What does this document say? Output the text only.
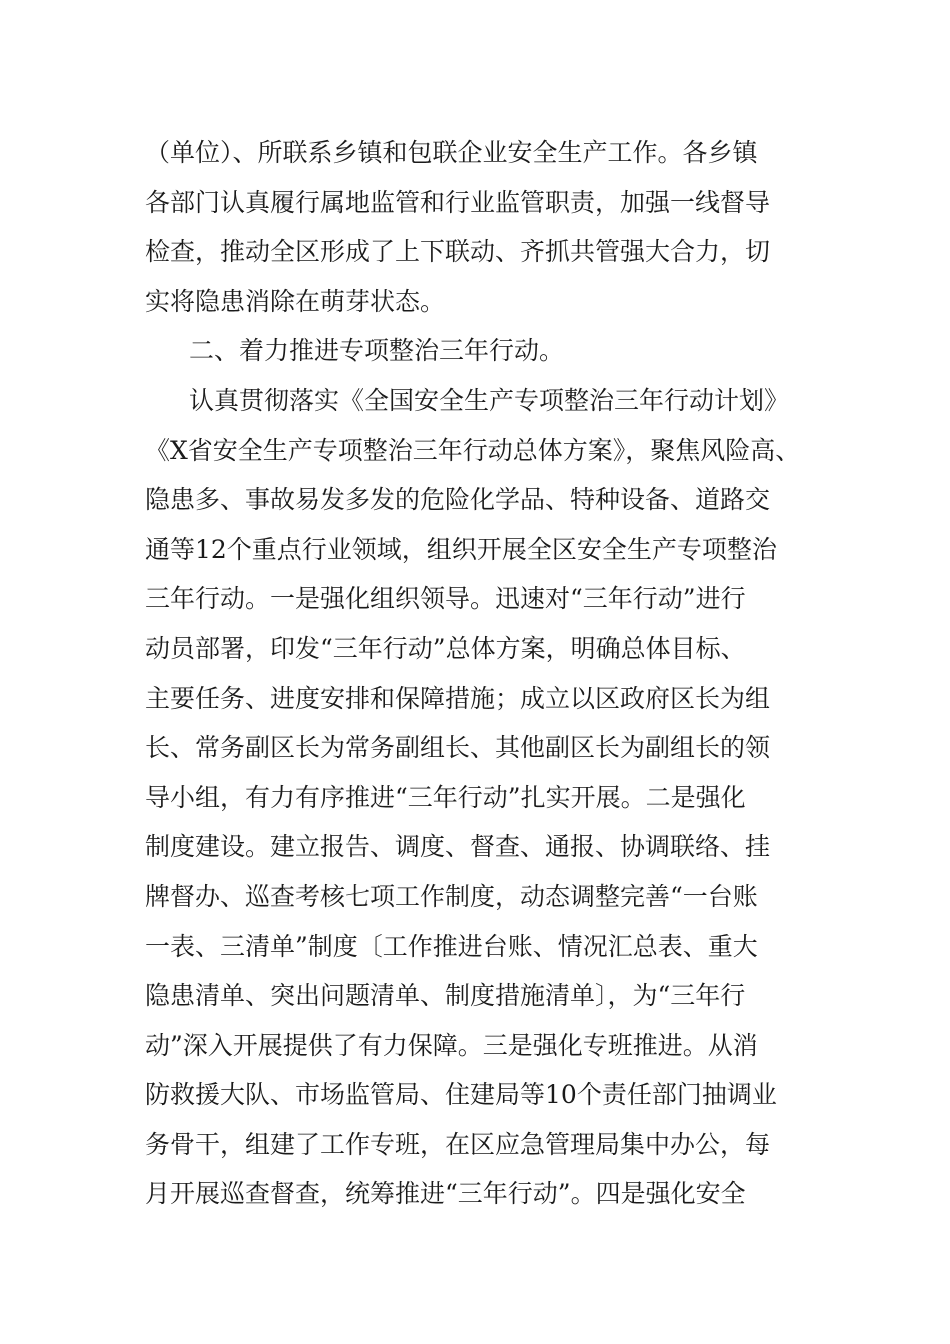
（单位）、所联系乡镇和包联企业安全生产工作。各乡镇
各部门认真履行属地监管和行业监管职责，加强一线督导
检查，推动全区形成了上下联动、齐抓共管强大合力，切
实将隐患消除在萌芽状态。
二、着力推进专项整治三年行动。
认真贯彻落实《全国安全生产专项整治三年行动计划》
《X省安全生产专项整治三年行动总体方案》，聚焦风险高、
隐患多、事故易发多发的危险化学品、特种设备、道路交
通等12个重点行业领域，组织开展全区安全生产专项整治
三年行动。一是强化组织领导。迅速对“三年行动”进行
动员部署，印发“三年行动”总体方案，明确总体目标、
主要任务、进度安排和保障措施；成立以区政府区长为组
长、常务副区长为常务副组长、其他副区长为副组长的领
导小组，有力有序推进“三年行动”扎实开展。二是强化
制度建设。建立报告、调度、督查、通报、协调联络、挂
牌督办、巡查考核七项工作制度，动态调整完善“一台账
一表、三清单”制度〔工作推进台账、情况汇总表、重大
隐患清单、突出问题清单、制度措施清单〕，为“三年行
动”深入开展提供了有力保障。三是强化专班推进。从消
防救援大队、市场监管局、住建局等10个责任部门抽调业
务骨干，组建了工作专班，在区应急管理局集中办公，每
月开展巡查督查，统筹推进“三年行动”。四是强化安全
